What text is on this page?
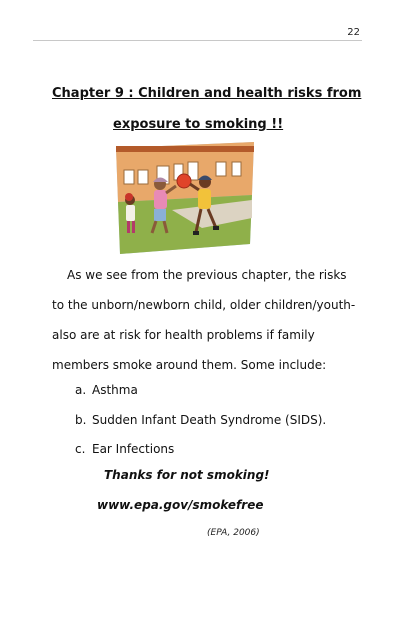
22
Chapter 9 : Children and health risks from
exposure to smoking !!
As we see from the previous chapter, the risks
to the unborn/newborn child, older children/youth-
also are at risk for health problems if family
members smoke around them. Some include:
a. Asthma
b. Sudden Infant Death Syndrome (SIDS).
c. Ear Infections
Thanks for not smoking!
www.epa.gov/smokefree
(EPA, 2006)
